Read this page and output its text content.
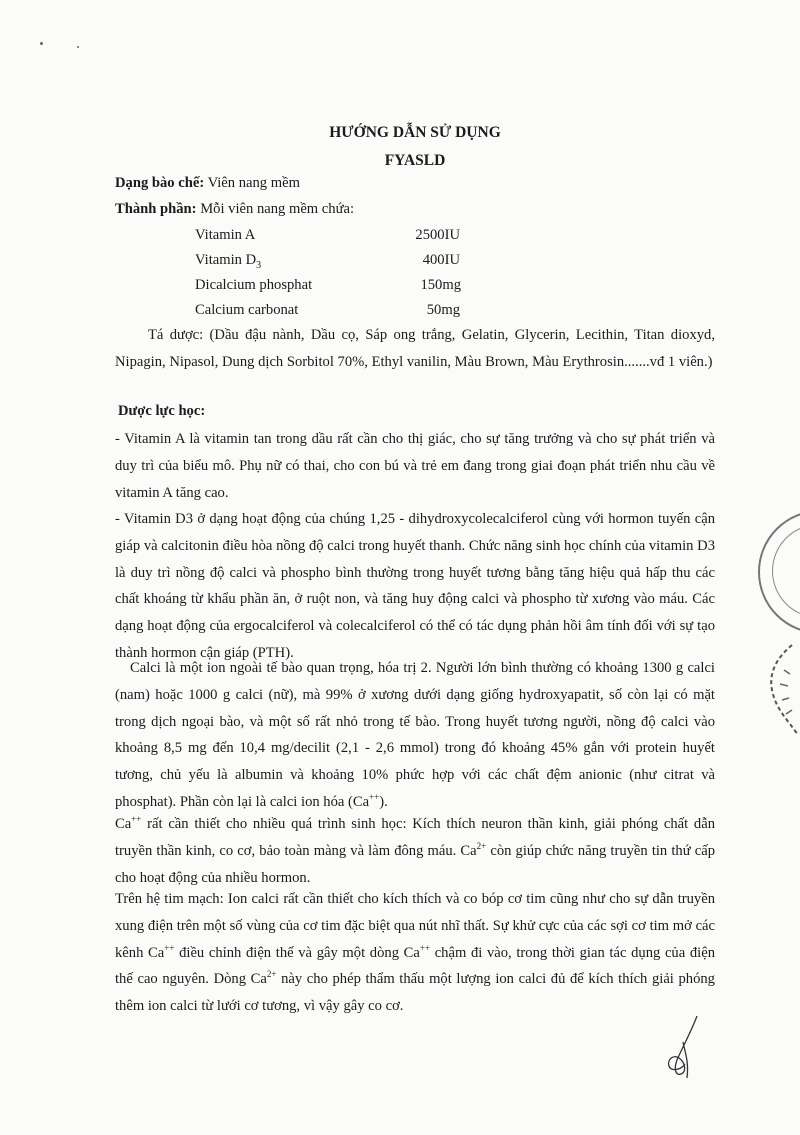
HƯỚNG DẪN SỬ DỤNG
FYASLD
Dạng bào chế: Viên nang mềm
Thành phần: Mỗi viên nang mềm chứa:
Vitamin A	2500IU
Vitamin $D_3$	400IU
Dicalcium phosphat	150mg
Calcium carbonat	50mg
Tá dược: (Dầu đậu nành, Dầu cọ, Sáp ong trắng, Gelatin, Glycerin, Lecithin, Titan dioxyd, Nipagin, Nipasol, Dung dịch Sorbitol 70%, Ethyl vanilin, Màu Brown, Màu Erythrosin.......vđ 1 viên.)
Dược lực học:
- Vitamin A là vitamin tan trong dầu rất cần cho thị giác, cho sự tăng trưởng và cho sự phát triển và duy trì của biểu mô. Phụ nữ có thai, cho con bú và trẻ em đang trong giai đoạn phát triển nhu cầu về vitamin A tăng cao.
- Vitamin D3 ở dạng hoạt động của chúng 1,25 - dihydroxycolecalciferol cùng với hormon tuyến cận giáp và calcitonin điều hòa nồng độ calci trong huyết thanh. Chức năng sinh học chính của vitamin D3 là duy trì nồng độ calci và phospho bình thường trong huyết tương bằng tăng hiệu quả hấp thu các chất khoáng từ khẩu phần ăn, ở ruột non, và tăng huy động calci và phospho từ xương vào máu. Các dạng hoạt động của ergocalciferol và colecalciferol có thể có tác dụng phản hồi âm tính đối với sự tạo thành hormon cận giáp (PTH).
Calci là một ion ngoài tế bào quan trọng, hóa trị 2. Người lớn bình thường có khoảng 1300 g calci (nam) hoặc 1000 g calci (nữ), mà 99% ở xương dưới dạng giống hydroxyapatit, số còn lại có mặt trong dịch ngoại bào, và một số rất nhỏ trong tế bào. Trong huyết tương người, nồng độ calci vào khoảng 8,5 mg đến 10,4 mg/decilit (2,1 - 2,6 mmol) trong đó khoảng 45% gắn với protein huyết tương, chủ yếu là albumin và khoảng 10% phức hợp với các chất đệm anionic (như citrat và phosphat). Phần còn lại là calci ion hóa (Ca++).
Ca++ rất cần thiết cho nhiều quá trình sinh học: Kích thích neuron thần kinh, giải phóng chất dẫn truyền thần kinh, co cơ, bảo toàn màng và làm đông máu. $Ca^{2+}$ còn giúp chức năng truyền tin thứ cấp cho hoạt động của nhiều hormon.
Trên hệ tim mạch: Ion calci rất cần thiết cho kích thích và co bóp cơ tim cũng như cho sự dẫn truyền xung điện trên một số vùng của cơ tim đặc biệt qua nút nhĩ thất. Sự khử cực của các sợi cơ tim mở các kênh Ca++ điều chỉnh điện thế và gây một dòng Ca++ chậm đi vào, trong thời gian tác dụng của điện thế cao nguyên. Dòng $Ca^{2+}$ này cho phép thẩm thấu một lượng ion calci đủ để kích thích giải phóng thêm ion calci từ lưới cơ tương, vì vậy gây co cơ.
